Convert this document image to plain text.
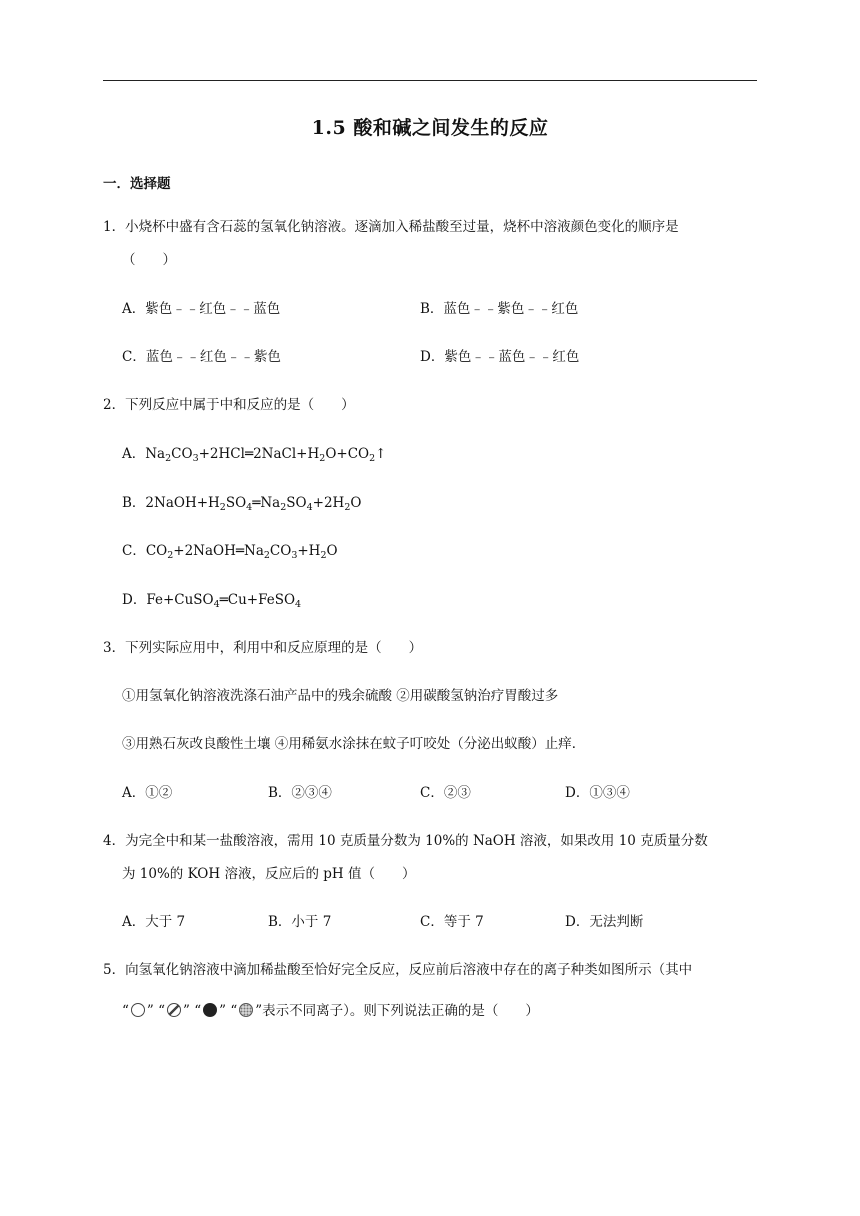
1.5 酸和碱之间发生的反应
一．选择题
1．小烧杯中盛有含石蕊的氢氧化钠溶液。逐滴加入稀盐酸至过量，烧杯中溶液颜色变化的顺序是
（　　）
A．紫色﹣﹣红色﹣﹣蓝色	B．蓝色﹣﹣紫色﹣﹣红色
C．蓝色﹣﹣红色﹣﹣紫色	D．紫色﹣﹣蓝色﹣﹣红色
2．下列反应中属于中和反应的是（　　）
A．$Na_2CO_3+2HCl═2NaCl+H_2O+CO_2↑$
B．$2NaOH+H_2SO_4═Na_2SO_4+2H_2O$
C．$CO_2+2NaOH═Na_2CO_3+H_2O$
D．Fe+CuSO$_4$═Cu+FeSO$_4$
3．下列实际应用中，利用中和反应原理的是（　　）
①用氢氧化钠溶液洗涤石油产品中的残余硫酸 ②用碳酸氢钠治疗胃酸过多
③用熟石灰改良酸性土壤 ④用稀氨水涂抹在蚊子叮咬处（分泌出蚁酸）止痒．
A．①②	B．②③④	C．②③	D．①③④
4．为完全中和某一盐酸溶液，需用 10 克质量分数为 10%的 NaOH 溶液，如果改用 10 克质量分数
为 10%的 KOH 溶液，反应后的 pH 值（　　）
A．大于 7	B．小于 7	C．等于 7	D．无法判断
5．向氢氧化钠溶液中滴加稀盐酸至恰好完全反应，反应前后溶液中存在的离子种类如图所示（其中
“ ” “ ” “ ” “ ”表示不同离子）。则下列说法正确的是（　　）
